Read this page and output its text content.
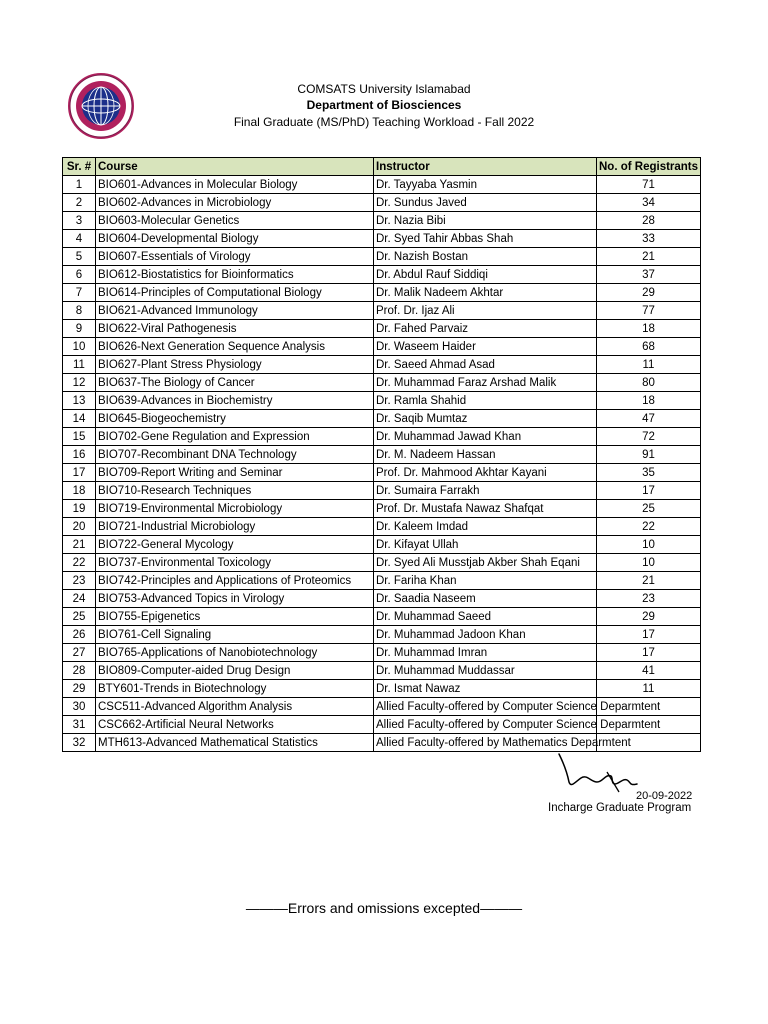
COMSATS University Islamabad
Department of Biosciences
Final Graduate (MS/PhD) Teaching Workload - Fall 2022
Sr. #	Course	Instructor	No. of Registrants
1	BIO601-Advances in Molecular Biology	Dr. Tayyaba Yasmin	71
2	BIO602-Advances in Microbiology	Dr. Sundus Javed	34
3	BIO603-Molecular Genetics	Dr. Nazia Bibi	28
4	BIO604-Developmental Biology	Dr. Syed Tahir Abbas Shah	33
5	BIO607-Essentials of Virology	Dr. Nazish Bostan	21
6	BIO612-Biostatistics for Bioinformatics	Dr. Abdul Rauf Siddiqi	37
7	BIO614-Principles of Computational Biology	Dr. Malik Nadeem Akhtar	29
8	BIO621-Advanced Immunology	Prof. Dr. Ijaz Ali	77
9	BIO622-Viral Pathogenesis	Dr. Fahed Parvaiz	18
10	BIO626-Next Generation Sequence Analysis	Dr. Waseem Haider	68
11	BIO627-Plant Stress Physiology	Dr. Saeed Ahmad Asad	11
12	BIO637-The Biology of Cancer	Dr. Muhammad Faraz Arshad Malik	80
13	BIO639-Advances in Biochemistry	Dr. Ramla Shahid	18
14	BIO645-Biogeochemistry	Dr. Saqib Mumtaz	47
15	BIO702-Gene Regulation and Expression	Dr. Muhammad Jawad Khan	72
16	BIO707-Recombinant DNA Technology	Dr. M. Nadeem Hassan	91
17	BIO709-Report Writing and Seminar	Prof. Dr. Mahmood Akhtar Kayani	35
18	BIO710-Research Techniques	Dr. Sumaira Farrakh	17
19	BIO719-Environmental Microbiology	Prof. Dr. Mustafa Nawaz Shafqat	25
20	BIO721-Industrial Microbiology	Dr. Kaleem Imdad	22
21	BIO722-General Mycology	Dr. Kifayat Ullah	10
22	BIO737-Environmental Toxicology	Dr. Syed Ali Musstjab Akber Shah Eqani	10
23	BIO742-Principles and Applications of Proteomics	Dr. Fariha Khan	21
24	BIO753-Advanced Topics in Virology	Dr. Saadia Naseem	23
25	BIO755-Epigenetics	Dr. Muhammad Saeed	29
26	BIO761-Cell Signaling	Dr. Muhammad Jadoon Khan	17
27	BIO765-Applications of Nanobiotechnology	Dr. Muhammad Imran	17
28	BIO809-Computer-aided Drug Design	Dr. Muhammad Muddassar	41
29	BTY601-Trends in Biotechnology	Dr. Ismat Nawaz	11
30	CSC511-Advanced Algorithm Analysis	Allied Faculty-offered by Computer Science Deparmtent	
31	CSC662-Artificial Neural Networks	Allied Faculty-offered by Computer Science Deparmtent	
32	MTH613-Advanced Mathematical Statistics	Allied Faculty-offered by Mathematics Deparmtent	
20-09-2022
Incharge Graduate Program
———Errors and omissions excepted———
